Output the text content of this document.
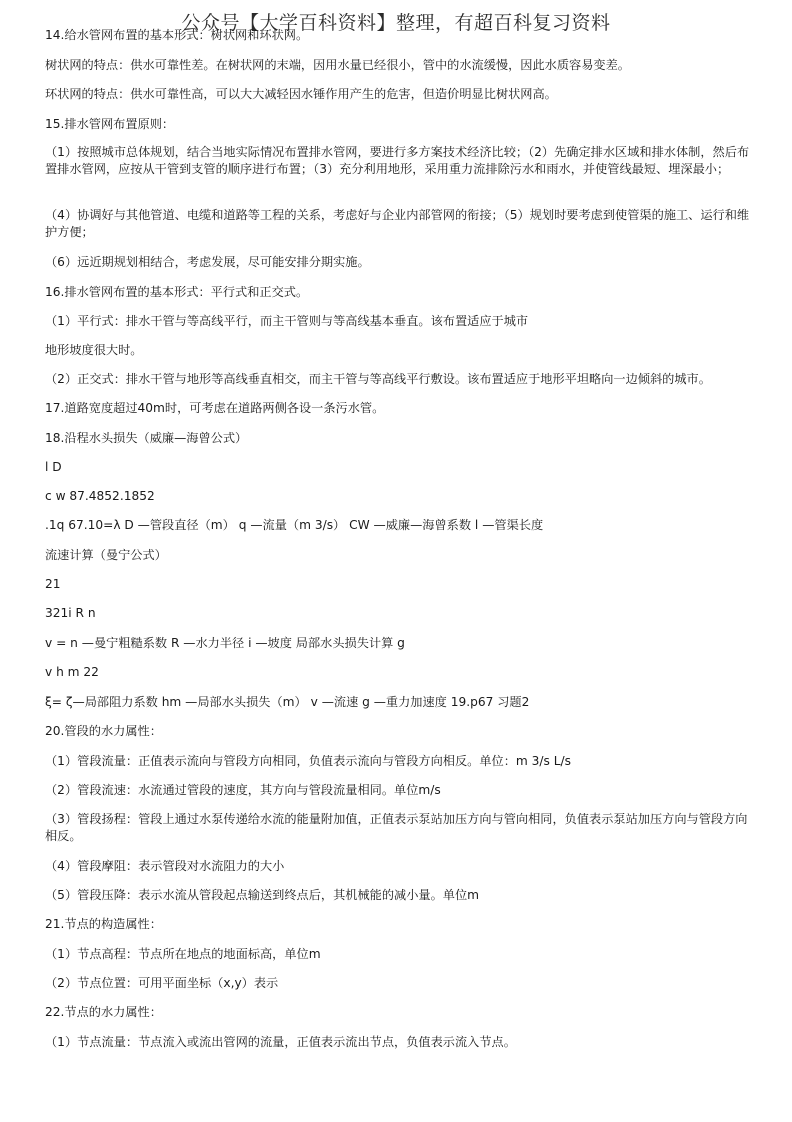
公众号【大学百科资料】整理，有超百科复习资料
14.给水管网布置的基本形式：树状网和环状网。
树状网的特点：供水可靠性差。在树状网的末端，因用水量已经很小，管中的水流缓慢，因此水质容易变差。
环状网的特点：供水可靠性高，可以大大减轻因水锤作用产生的危害，但造价明显比树状网高。
15.排水管网布置原则：
（1）按照城市总体规划，结合当地实际情况布置排水管网，要进行多方案技术经济比较；（2）先确定排水区域和排水体制，然后布置排水管网，应按从干管到支管的顺序进行布置；（3）充分利用地形，采用重力流排除污水和雨水，并使管线最短、埋深最小；
（4）协调好与其他管道、电缆和道路等工程的关系，考虑好与企业内部管网的衔接；（5）规划时要考虑到使管渠的施工、运行和维护方便；
（6）远近期规划相结合，考虑发展，尽可能安排分期实施。
16.排水管网布置的基本形式：平行式和正交式。
（1）平行式：排水干管与等高线平行，而主干管则与等高线基本垂直。该布置适应于城市
地形坡度很大时。
（2）正交式：排水干管与地形等高线垂直相交，而主干管与等高线平行敷设。该布置适应于地形平坦略向一边倾斜的城市。
17.道路宽度超过40m时，可考虑在道路两侧各设一条污水管。
18.沿程水头损失（威廉—海曾公式）
l D
c w 87.4852.1852
.1q 67.10=λ D —管段直径（m） q —流量（m 3/s） CW —威廉—海曾系数 l —管渠长度
流速计算（曼宁公式）
21
321i R n
v = n —曼宁粗糙系数 R —水力半径 i —坡度 局部水头损失计算 g
v h m 22
ξ= ζ—局部阻力系数 hm —局部水头损失（m） v —流速 g —重力加速度 19.p67 习题2
20.管段的水力属性：
（1）管段流量：正值表示流向与管段方向相同，负值表示流向与管段方向相反。单位：m 3/s L/s
（2）管段流速：水流通过管段的速度，其方向与管段流量相同。单位m/s
（3）管段扬程：管段上通过水泵传递给水流的能量附加值，正值表示泵站加压方向与管向相同，负值表示泵站加压方向与管段方向相反。
（4）管段摩阻：表示管段对水流阻力的大小
（5）管段压降：表示水流从管段起点输送到终点后，其机械能的减小量。单位m
21.节点的构造属性：
（1）节点高程：节点所在地点的地面标高，单位m
（2）节点位置：可用平面坐标（x,y）表示
22.节点的水力属性：
（1）节点流量：节点流入或流出管网的流量，正值表示流出节点，负值表示流入节点。
